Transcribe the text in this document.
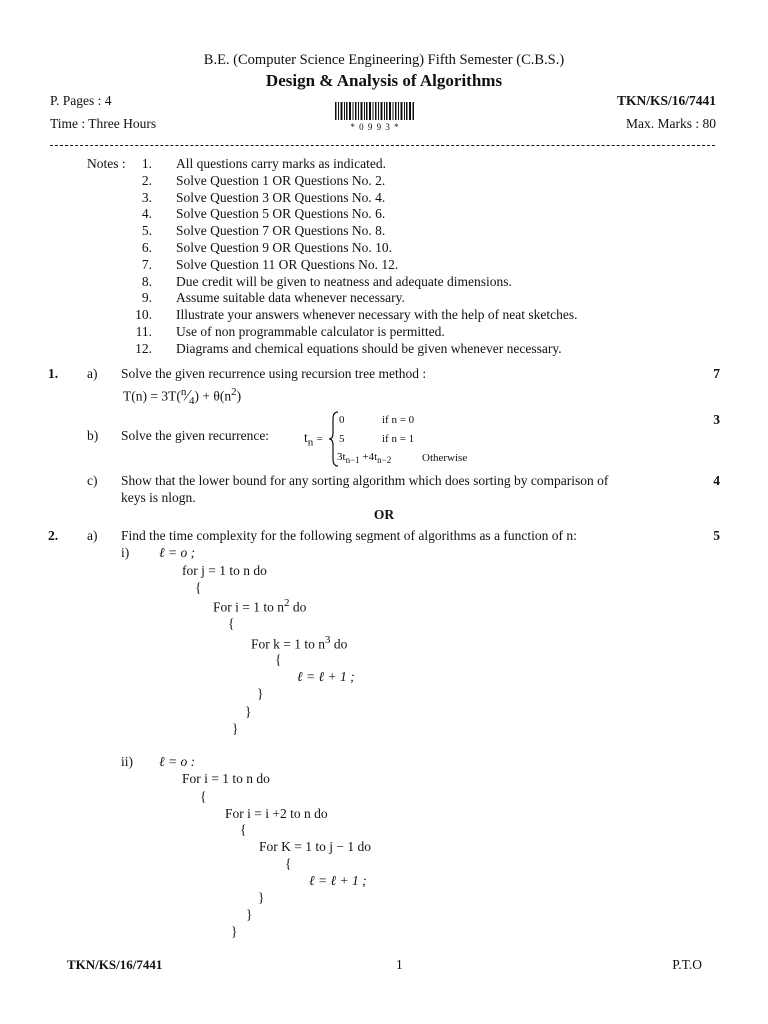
B.E. (Computer Science Engineering) Fifth Semester (C.B.S.)
Design & Analysis of Algorithms
P. Pages : 4	TKN/KS/16/7441
Time : Three Hours	Max. Marks : 80
* 0 9 9 3 *
Notes :	1. All questions carry marks as indicated.
2. Solve Question 1 OR Questions No. 2.
3. Solve Question 3 OR Questions No. 4.
4. Solve Question 5 OR Questions No. 6.
5. Solve Question 7 OR Questions No. 8.
6. Solve Question 9 OR Questions No. 10.
7. Solve Question 11 OR Questions No. 12.
8. Due credit will be given to neatness and adequate dimensions.
9. Assume suitable data whenever necessary.
10. Illustrate your answers whenever necessary with the help of neat sketches.
11. Use of non programmable calculator is permitted.
12. Diagrams and chemical equations should be given whenever necessary.
1. a) Solve the given recurrence using recursion tree method :	7
$T(n) = 3T(^n⁄_4) + \theta(n^2)$
b) Solve the given recurrence:
3
$t_n$ =
0	if n = 0
5	if n = 1
$3t_{n-1} +4t_{n-2}$	Otherwise
c) Show that the lower bound for any sorting algorithm which does sorting by comparison of
keys is nlogn.
4
OR
2. a) Find the time complexity for the following segment of algorithms as a function of n:	5
i) ℓ = o ;
for j = 1 to n do
{
For i = 1 to $n^2$ do
{
For k = 1 to $n^3$ do
{
ℓ = ℓ + 1 ;
}
}
}
ii) ℓ = o :
For i = 1 to n do
{
For i = i +2 to n do
{
For K = 1 to j − 1 do
{
ℓ = ℓ + 1 ;
}
}
}
TKN/KS/16/7441	1	P.T.O
